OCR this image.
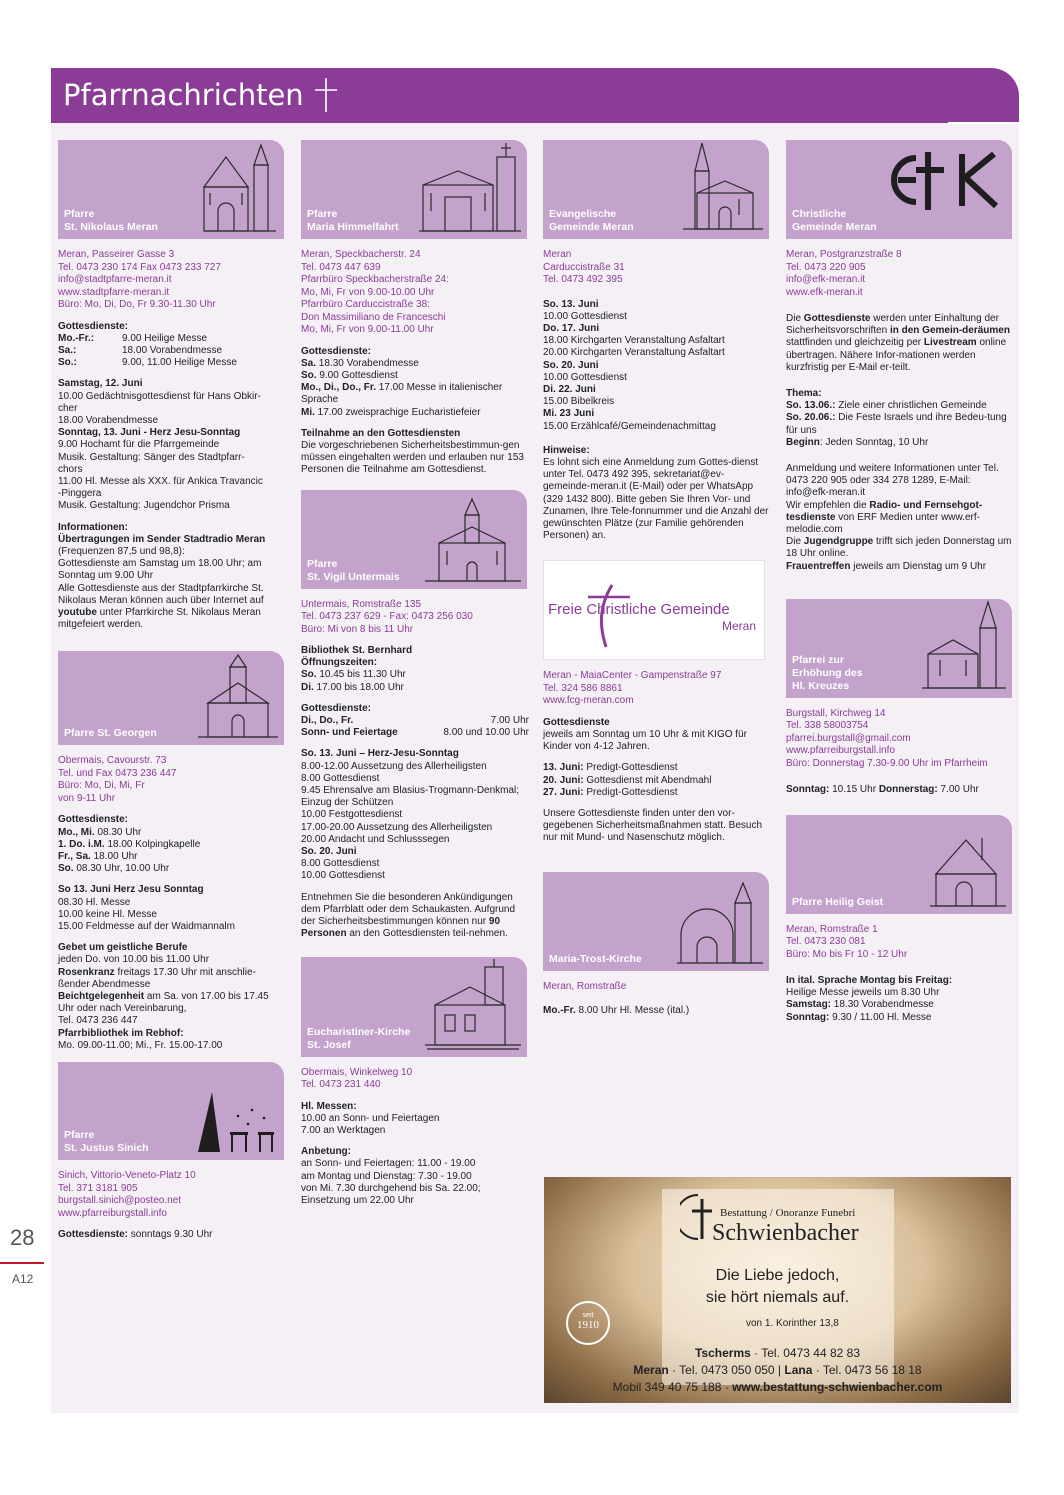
Pfarrnachrichten
28
A12
Pfarre
St. Nikolaus Meran
Meran, Passeirer Gasse 3
Tel. 0473 230 174 Fax 0473 233 727
info@stadtpfarre-meran.it
www.stadtpfarre-meran.it
Büro: Mo, Di, Do, Fr 9.30-11.30 Uhr

Gottesdienste:

Mo.-Fr.:	9.00 Heilige Messe
Sa.:	18.00 Vorabendmesse
So.:	9.00, 11.00 Heilige Messe

Samstag, 12. Juni

10.00 Gedächtnisgottesdienst für Hans Obkir-

cher

18.00 Vorabendmesse

Sonntag, 13. Juni - Herz Jesu-Sonntag

9.00 Hochamt für die Pfarrgemeinde

Musik. Gestaltung: Sänger des Stadtpfarr-

chors

11.00 Hl. Messe als XXX. für Ankica Travancic

-Pinggera

Musik. Gestaltung: Jugendchor Prisma

Informationen:

Übertragungen im Sender Stadtradio Meran (Frequenzen 87,5 und 98,8):

Gottesdienste am Samstag um 18.00 Uhr; am Sonntag um 9.00 Uhr

Alle Gottesdienste aus der Stadtpfarrkirche St. Nikolaus Meran können auch über Internet auf youtube unter Pfarrkirche St. Nikolaus Meran mitgefeiert werden.

Pfarre St. Georgen
Obermais, Cavourstr. 73
Tel. und Fax 0473 236 447
Büro: Mo, Di, Mi, Fr
von 9-11 Uhr

Gottesdienste:

Mo., Mi. 08.30 Uhr

1. Do. i.M. 18.00 Kolpingkapelle

Fr., Sa. 18.00 Uhr

So. 08.30 Uhr, 10.00 Uhr

So 13. Juni Herz Jesu Sonntag

08.30 Hl. Messe

10.00 keine Hl. Messe

15.00 Feldmesse auf der Waidmannalm

Gebet um geistliche Berufe

jeden Do. von 10.00 bis 11.00 Uhr

Rosenkranz freitags 17.30 Uhr mit anschlie-ßender Abendmesse

Beichtgelegenheit am Sa. von 17.00 bis 17.45 Uhr oder nach Vereinbarung,

Tel. 0473 236 447

Pfarrbibliothek im Rebhof:

Mo. 09.00-11.00; Mi., Fr. 15.00-17.00

Pfarre
St. Justus Sinich
Sinich, Vittorio-Veneto-Platz 10
Tel. 371 3181 905
burgstall.sinich@posteo.net
www.pfarreiburgstall.info

Gottesdienste: sonntags 9.30 Uhr

Pfarre
Maria Himmelfahrt
Meran, Speckbacherstr. 24
Tel. 0473 447 639
Pfarrbüro Speckbacherstraße 24:
Mo, Mi, Fr von 9.00-10.00 Uhr
Pfarrbüro Carduccistraße 38:
Don Massimiliano de Franceschi
Mo, Mi, Fr von 9.00-11.00 Uhr

Gottesdienste:

Sa. 18.30 Vorabendmesse

So. 9.00 Gottesdienst

Mo., Di., Do., Fr. 17.00 Messe in italienischer Sprache

Mi. 17.00 zweisprachige Eucharistiefeier

Teilnahme an den Gottesdiensten

Die vorgeschriebenen Sicherheitsbestimmun-gen müssen eingehalten werden und erlauben nur 153 Personen die Teilnahme am Gottesdienst.

Pfarre
St. Vigil Untermais
Untermais, Romstraße 135
Tel. 0473 237 629 - Fax: 0473 256 030
Büro: Mi von 8 bis 11 Uhr

Bibliothek St. Bernhard

Öffnungszeiten:

So. 10.45 bis 11.30 Uhr

Di. 17.00 bis 18.00 Uhr

Gottesdienste:

Di., Do., Fr.	7.00 Uhr

Sonn- und Feiertage	8.00 und 10.00 Uhr

So. 13. Juni – Herz-Jesu-Sonntag

8.00-12.00 Aussetzung des Allerheiligsten

8.00 Gottesdienst

9.45 Ehrensalve am Blasius-Trogmann-Denkmal; Einzug der Schützen

10.00 Festgottesdienst

17.00-20.00 Aussetzung des Allerheiligsten

20.00 Andacht und Schlusssegen

So. 20. Juni

8.00 Gottesdienst

10.00 Gottesdienst

Entnehmen Sie die besonderen Ankündigungen dem Pfarrblatt oder dem Schaukasten. Aufgrund der Sicherheitsbestimmungen können nur 90 Personen an den Gottesdiensten teil-nehmen.

Eucharistiner-Kirche
St. Josef
Obermais, Winkelweg 10
Tel. 0473 231 440

Hl. Messen:

10.00 an Sonn- und Feiertagen

7.00 an Werktagen

Anbetung:

an Sonn- und Feiertagen: 11.00 - 19.00

am Montag und Dienstag: 7.30 - 19.00

von Mi. 7.30 durchgehend bis Sa. 22.00;

Einsetzung um 22.00 Uhr

Evangelische
Gemeinde Meran
Meran
Carduccistraße 31
Tel. 0473 492 395

So. 13. Juni

10.00 Gottesdienst

Do. 17. Juni

18.00 Kirchgarten Veranstaltung Asfaltart

20.00 Kirchgarten Veranstaltung Asfaltart

So. 20. Juni

10.00 Gottesdienst

Di. 22. Juni

15.00 Bibelkreis

Mi. 23 Juni

15.00 Erzählcafé/Gemeindenachmittag

Hinweise:

Es lohnt sich eine Anmeldung zum Gottes-dienst unter Tel. 0473 492 395, sekretariat@ev-gemeinde-meran.it (E-Mail) oder per WhatsApp (329 1432 800). Bitte geben Sie Ihren Vor- und Zunamen, Ihre Tele-fonnummer und die Anzahl der gewünschten Plätze (zur Familie gehörenden Personen) an.

Freie Christliche Gemeinde
Meran
Meran - MaiaCenter - Gampenstraße 97
Tel. 324 586 8861
www.fcg-meran.com

Gottesdienste

jeweils am Sonntag um 10 Uhr & mit KIGO für Kinder von 4-12 Jahren.

13. Juni: Predigt-Gottesdienst

20. Juni: Gottesdienst mit Abendmahl

27. Juni: Predigt-Gottesdienst

Unsere Gottesdienste finden unter den vor-gegebenen Sicherheitsmaßnahmen statt. Besuch nur mit Mund- und Nasenschutz möglich.

Maria-Trost-Kirche
Meran, Romstraße

Mo.-Fr. 8.00 Uhr Hl. Messe (ital.)

Christliche
Gemeinde Meran
Meran, Postgranzstraße 8
Tel. 0473 220 905
info@efk-meran.it
www.efk-meran.it

Die Gottesdienste werden unter Einhaltung der Sicherheitsvorschriften in den Gemein-deräumen stattfinden und gleichzeitig per Livestream online übertragen. Nähere Infor-mationen werden kurzfristig per E-Mail er-teilt.

Thema:

So. 13.06.: Ziele einer christlichen Gemeinde

So. 20.06.: Die Feste Israels und ihre Bedeu-tung für uns

Beginn: Jeden Sonntag, 10 Uhr

Anmeldung und weitere Informationen unter Tel. 0473 220 905 oder 334 278 1289, E-Mail: info@efk-meran.it

Wir empfehlen die Radio- und Fernsehgot-tesdienste von ERF Medien unter www.erf-melodie.com

Die Jugendgruppe trifft sich jeden Donnerstag um 18 Uhr online.

Frauentreffen jeweils am Dienstag um 9 Uhr

Pfarrei zur
Erhöhung des
Hl. Kreuzes
Burgstall, Kirchweg 14
Tel. 338 58003754
pfarrei.burgstall@gmail.com
www.pfarreiburgstall.info
Büro: Donnerstag 7.30-9.00 Uhr im Pfarrheim

Sonntag: 10.15 Uhr Donnerstag: 7.00 Uhr

Pfarre Heilig Geist
Meran, Romstraße 1
Tel. 0473 230 081
Büro: Mo bis Fr 10 - 12 Uhr

In ital. Sprache Montag bis Freitag:

Heilige Messe jeweils um 8.30 Uhr

Samstag: 18.30 Vorabendmesse

Sonntag: 9.30 / 11.00 Hl. Messe

Bestattung / Onoranze Funebri
Schwienbacher
Die Liebe jedoch,
sie hört niemals auf.
von 1. Korinther 13,8
seit
1910
Tscherms · Tel. 0473 44 82 83
Meran · Tel. 0473 050 050 | Lana · Tel. 0473 56 18 18
Mobil 349 40 75 188 · www.bestattung-schwienbacher.com
